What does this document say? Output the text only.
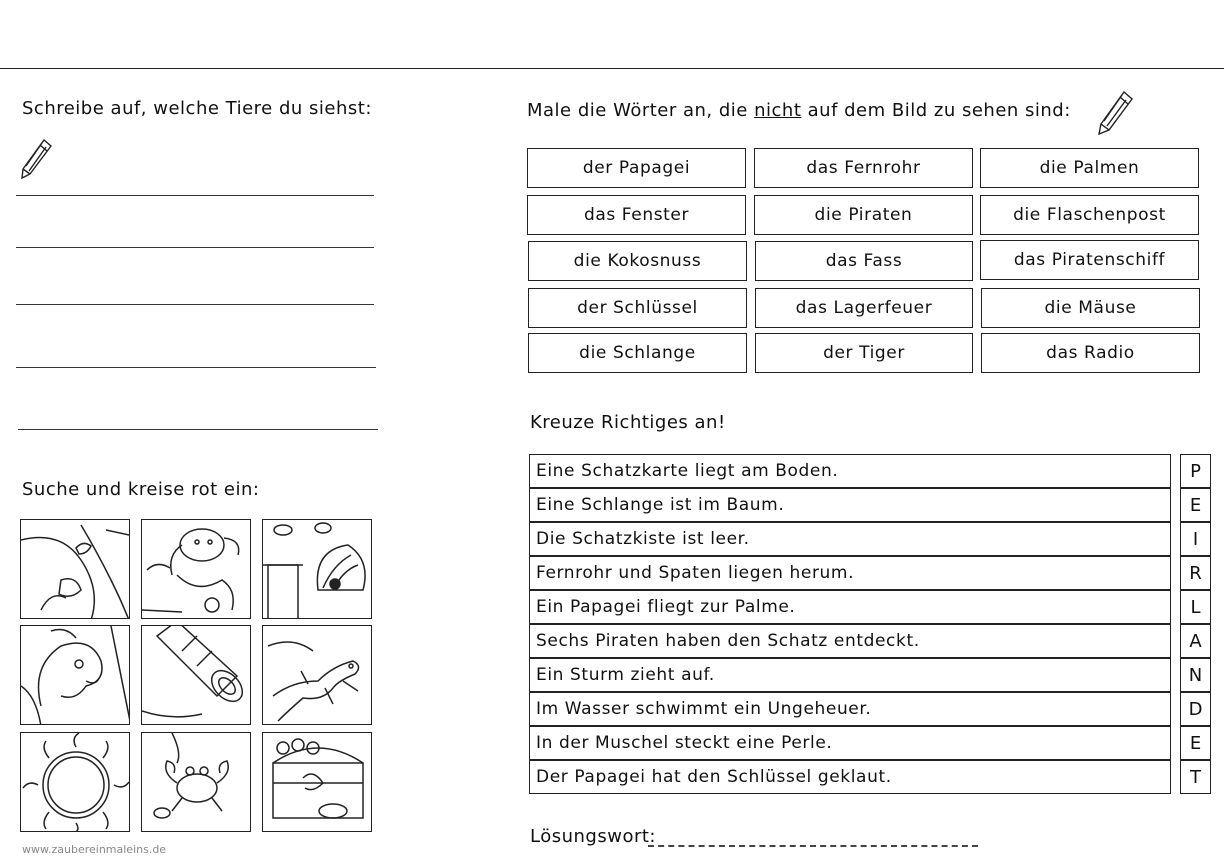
Schreibe auf, welche Tiere du siehst:
Suche und kreise rot ein:
www.zaubereinmaleins.de
Male die Wörter an, die nicht auf dem Bild zu sehen sind:
der Papagei	das Fernrohr	die Palmen
das Fenster	die Piraten	die Flaschenpost
die Kokosnuss	das Fass	das Piratenschiff
der Schlüssel	das Lagerfeuer	die Mäuse
die Schlange	der Tiger	das Radio
Kreuze Richtiges an!
Eine Schatzkarte liegt am Boden.	P
Eine Schlange ist im Baum.	E
Die Schatzkiste ist leer.	I
Fernrohr und Spaten liegen herum.	R
Ein Papagei fliegt zur Palme.	L
Sechs Piraten haben den Schatz entdeckt.	A
Ein Sturm zieht auf.	N
Im Wasser schwimmt ein Ungeheuer.	D
In der Muschel steckt eine Perle.	E
Der Papagei hat den Schlüssel geklaut.	T
Lösungswort:
